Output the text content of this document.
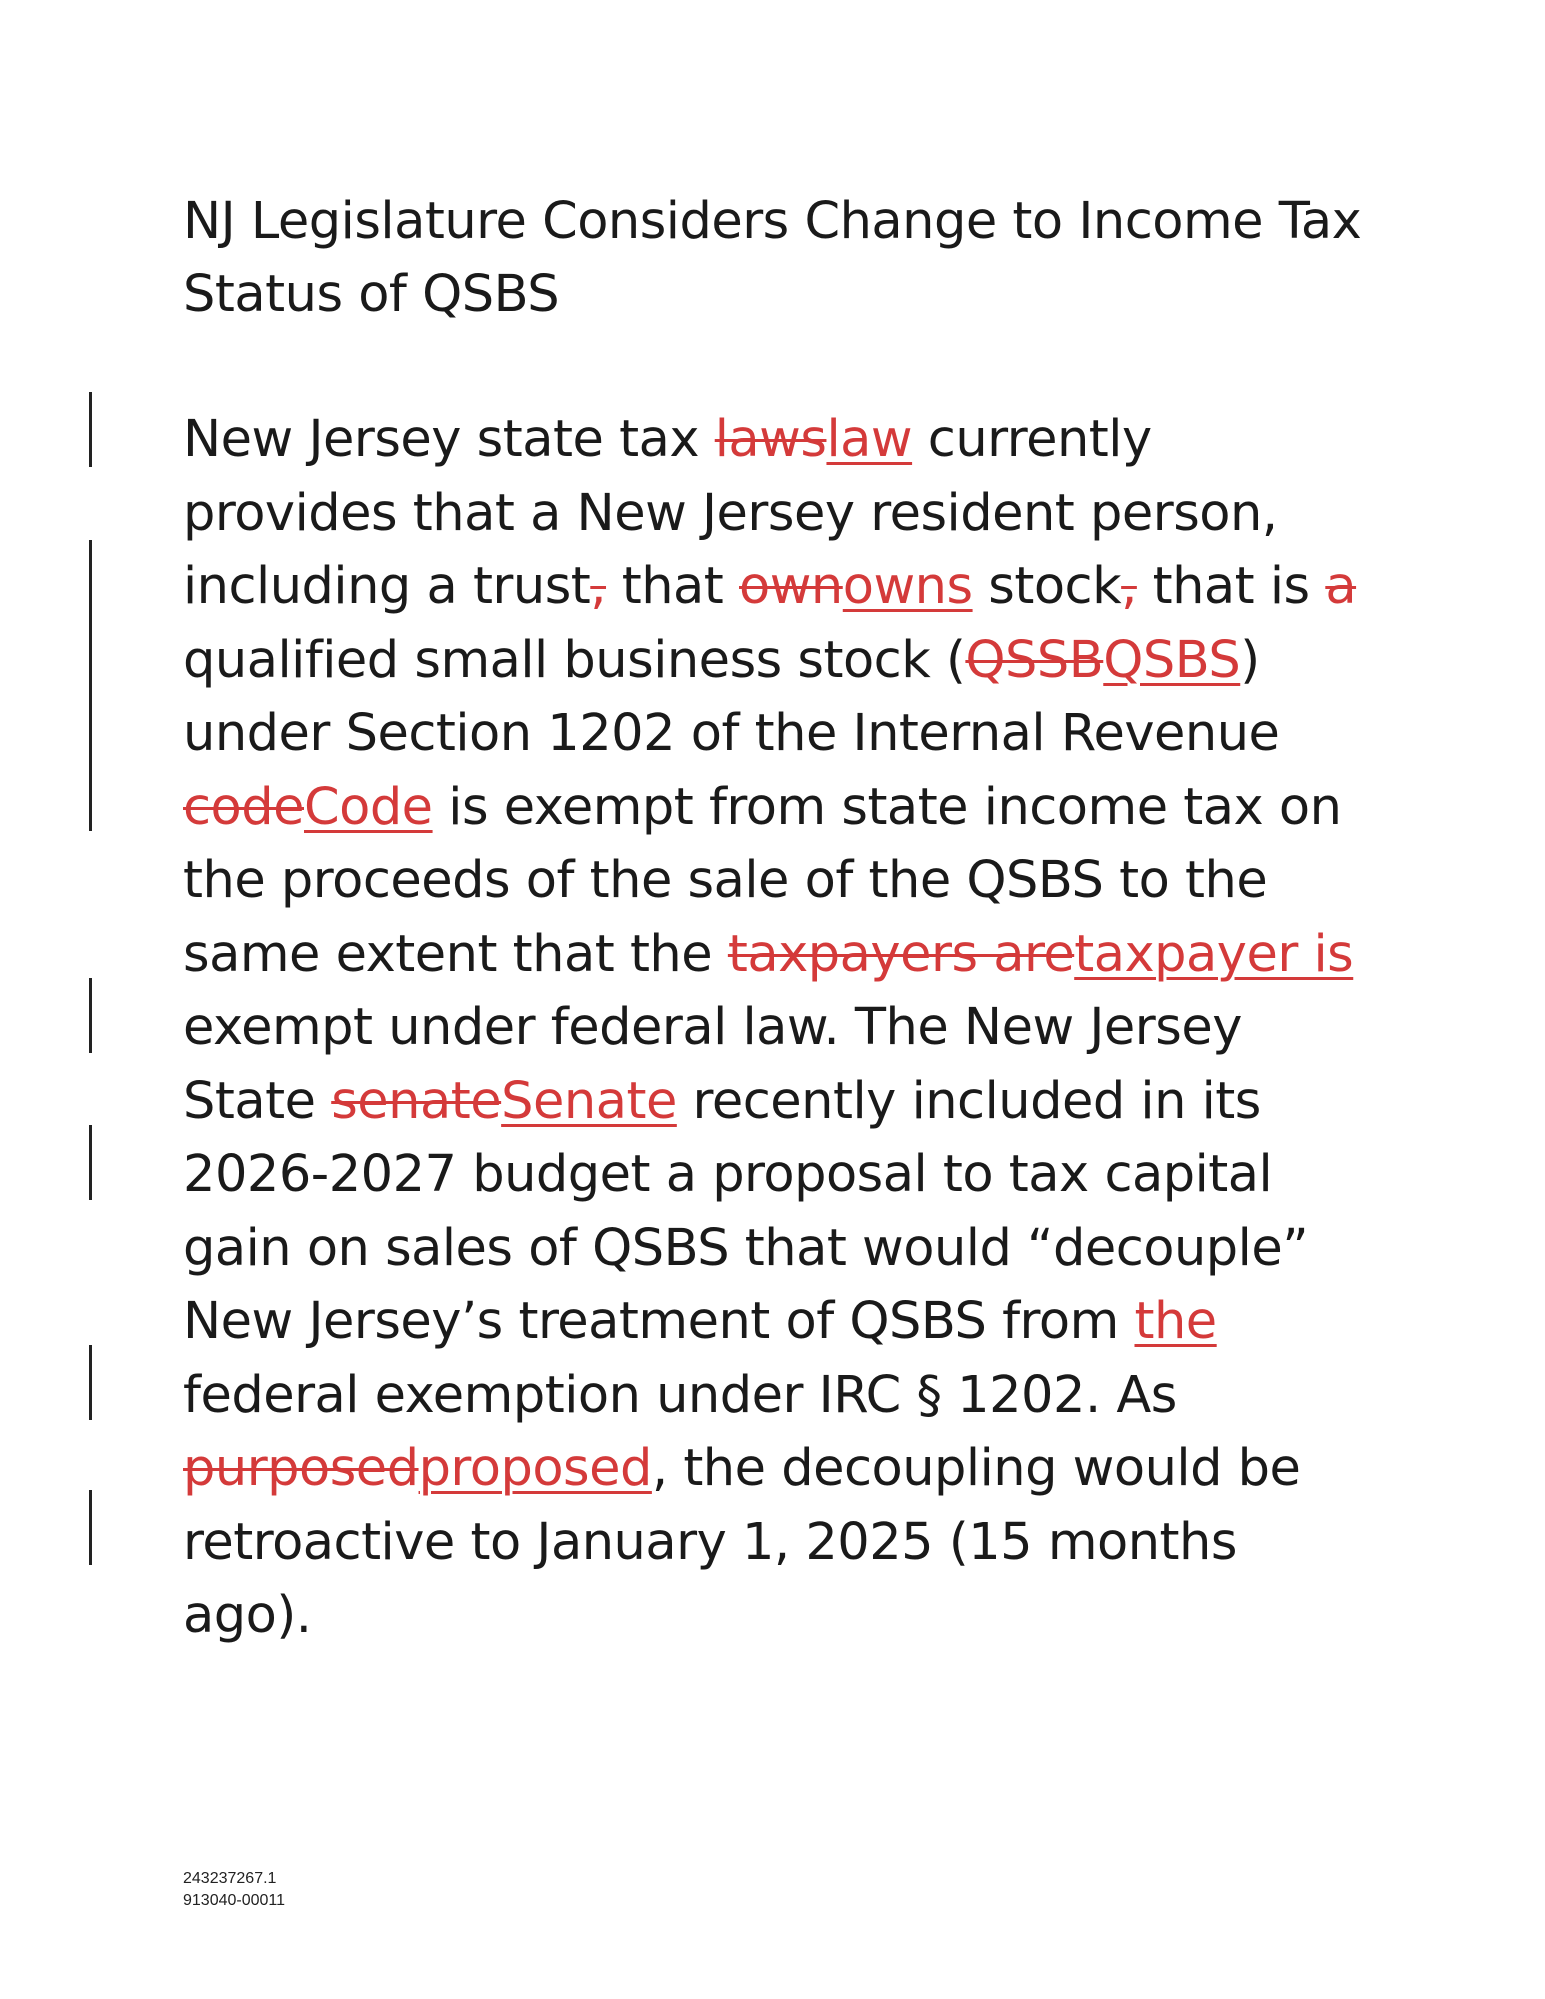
NJ Legislature Considers Change to Income Tax Status of QSBS

New Jersey state tax lawslaw currently provides that a New Jersey resident person, including a trust, that ownowns stock, that is a qualified small business stock (QSSBQSBS) under Section 1202 of the Internal Revenue codeCode is exempt from state income tax on the proceeds of the sale of the QSBS to the same extent that the taxpayers aretaxpayer is exempt under federal law. The New Jersey State senateSenate recently included in its 2026-2027 budget a proposal to tax capital gain on sales of QSBS that would “decouple” New Jersey’s treatment of QSBS from the federal exemption under IRC § 1202. As purposedproposed, the decoupling would be retroactive to January 1, 2025 (15 months ago).

243237267.1
913040-00011
